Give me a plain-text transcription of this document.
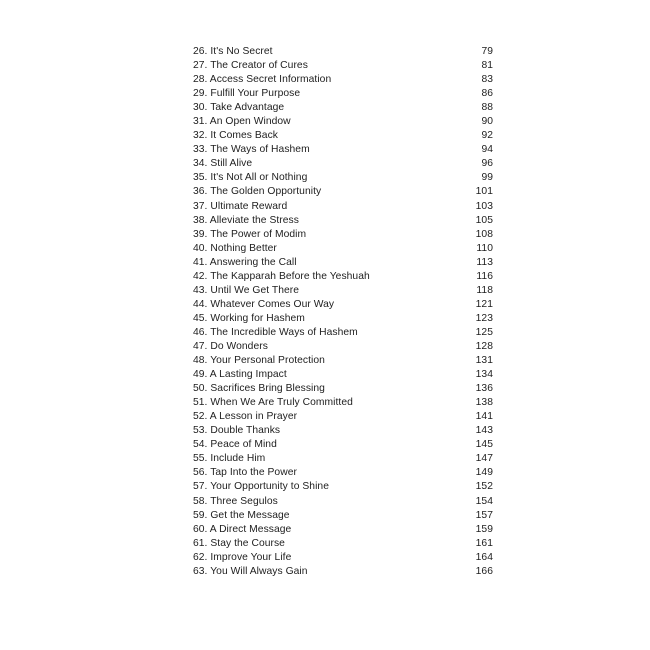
26. It's No Secret	79
27. The Creator of Cures	81
28. Access Secret Information	83
29. Fulfill Your Purpose	86
30. Take Advantage	88
31. An Open Window	90
32. It Comes Back	92
33. The Ways of Hashem	94
34. Still Alive	96
35. It's Not All or Nothing	99
36. The Golden Opportunity	101
37. Ultimate Reward	103
38. Alleviate the Stress	105
39. The Power of Modim	108
40. Nothing Better	110
41. Answering the Call	113
42. The Kapparah Before the Yeshuah	116
43. Until We Get There	118
44. Whatever Comes Our Way	121
45. Working for Hashem	123
46. The Incredible Ways of Hashem	125
47. Do Wonders	128
48. Your Personal Protection	131
49. A Lasting Impact	134
50. Sacrifices Bring Blessing	136
51. When We Are Truly Committed	138
52. A Lesson in Prayer	141
53. Double Thanks	143
54. Peace of Mind	145
55. Include Him	147
56. Tap Into the Power	149
57. Your Opportunity to Shine	152
58. Three Segulos	154
59. Get the Message	157
60. A Direct Message	159
61. Stay the Course	161
62. Improve Your Life	164
63. You Will Always Gain	166
